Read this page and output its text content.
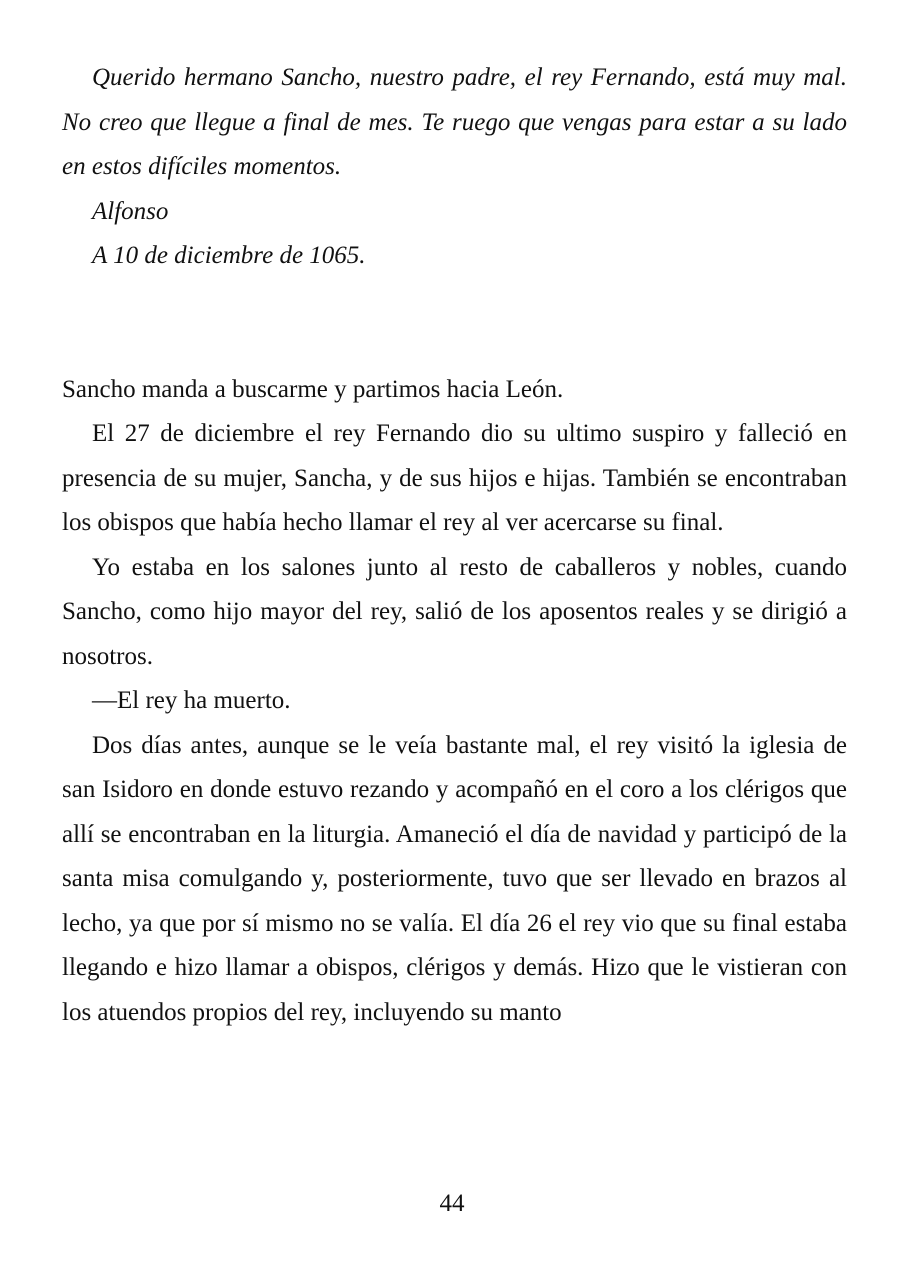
Querido hermano Sancho, nuestro padre, el rey Fernando, está muy mal. No creo que llegue a final de mes. Te ruego que vengas para estar a su lado en estos difíciles momentos.

Alfonso

A 10 de diciembre de 1065.

Sancho manda a buscarme y partimos hacia León.

El 27 de diciembre el rey Fernando dio su ultimo suspiro y falleció en presencia de su mujer, Sancha, y de sus hijos e hijas. También se encontraban los obispos que había hecho llamar el rey al ver acercarse su final.

Yo estaba en los salones junto al resto de caballeros y nobles, cuando Sancho, como hijo mayor del rey, salió de los aposentos reales y se dirigió a nosotros.

—El rey ha muerto.

Dos días antes, aunque se le veía bastante mal, el rey visitó la iglesia de san Isidoro en donde estuvo rezando y acompañó en el coro a los clérigos que allí se encontraban en la liturgia. Amaneció el día de navidad y participó de la santa misa comulgando y, posteriormente, tuvo que ser llevado en brazos al lecho, ya que por sí mismo no se valía. El día 26 el rey vio que su final estaba llegando e hizo llamar a obispos, clérigos y demás. Hizo que le vistieran con los atuendos propios del rey, incluyendo su manto

44
